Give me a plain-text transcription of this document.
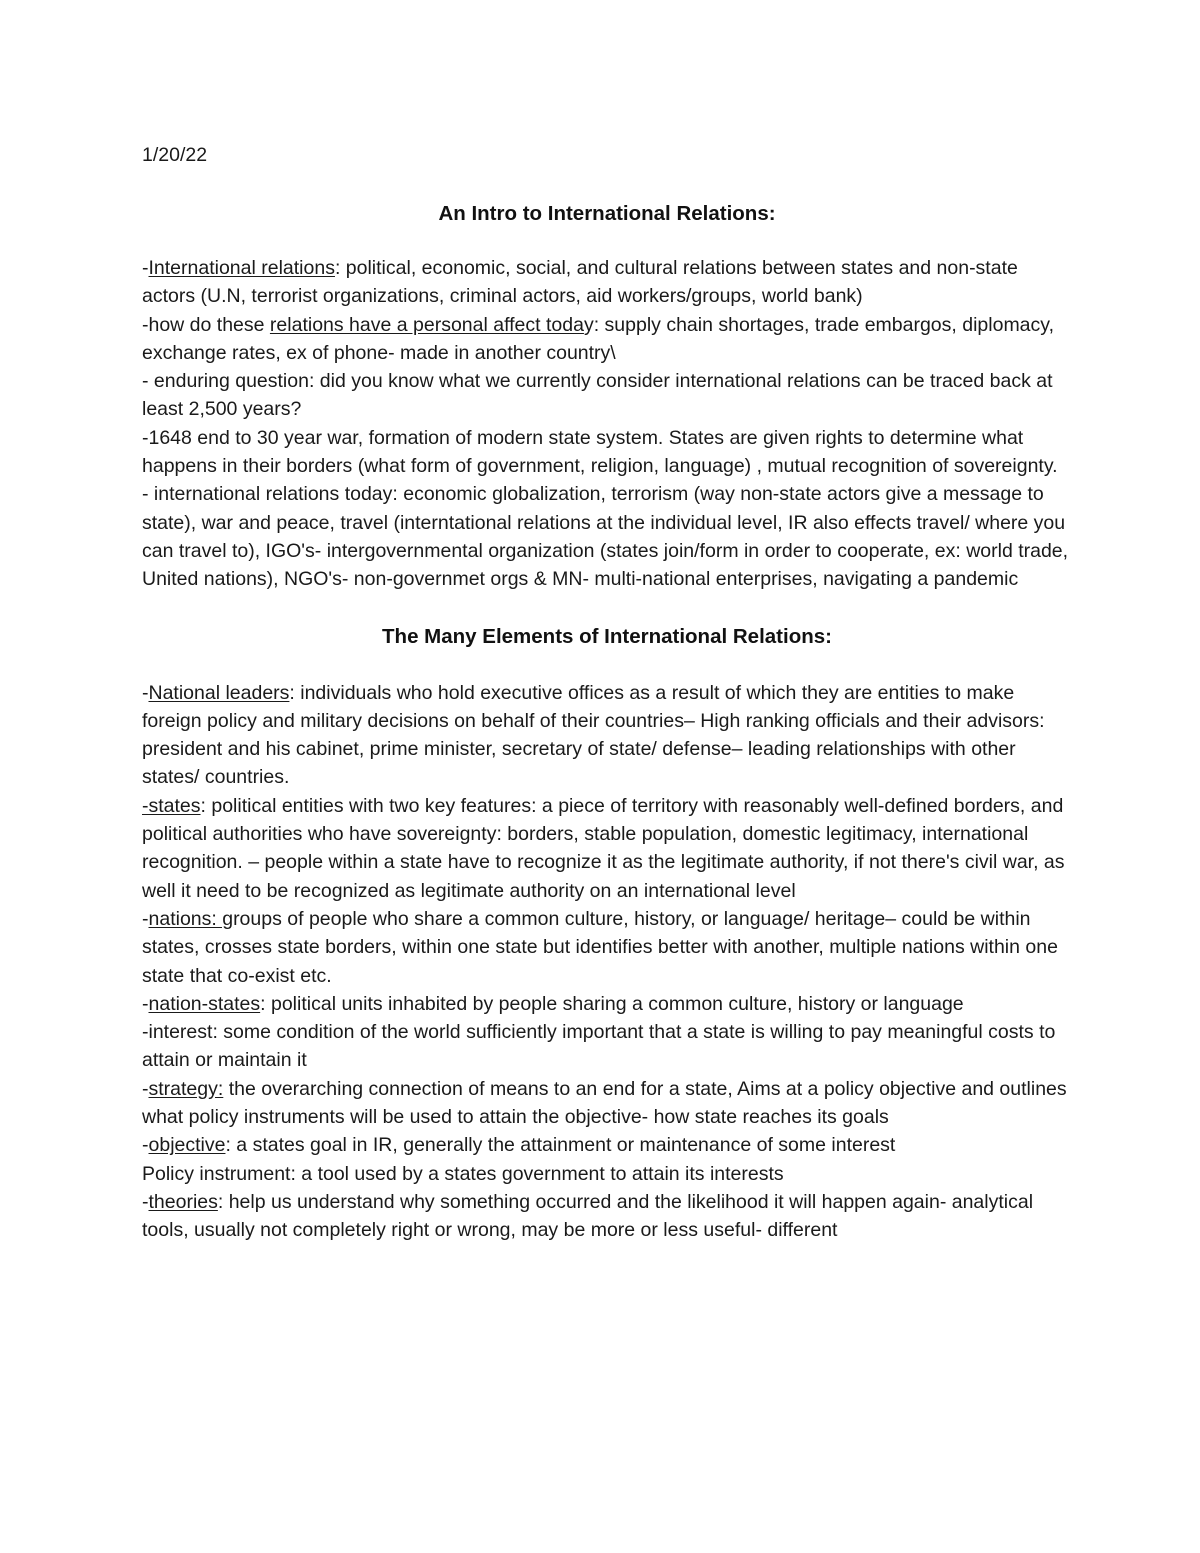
1/20/22

An Intro to International Relations:

-International relations: political, economic, social, and cultural relations between states and non-state actors (U.N, terrorist organizations, criminal actors, aid workers/groups, world bank)

-how do these relations have a personal affect today: supply chain shortages, trade embargos, diplomacy, exchange rates, ex of phone- made in another country\

- enduring question: did you know what we currently consider international relations can be traced back at least 2,500 years?

-1648 end to 30 year war, formation of modern state system. States are given rights to determine what happens in their borders (what form of government, religion, language) , mutual recognition of sovereignty.

- international relations today: economic globalization, terrorism (way non-state actors give a message to state), war and peace, travel (interntational relations at the individual level, IR also effects travel/ where you can travel to), IGO's- intergovernmental organization (states join/form in order to cooperate, ex: world trade, United nations), NGO's- non-governmet orgs & MN- multi-national enterprises, navigating a pandemic

The Many Elements of International Relations:

-National leaders: individuals who hold executive offices as a result of which they are entities to make foreign policy and military decisions on behalf of their countries– High ranking officials and their advisors: president and his cabinet, prime minister, secretary of state/ defense– leading relationships with other states/ countries.

-states: political entities with two key features: a piece of territory with reasonably well-defined borders, and political authorities who have sovereignty: borders, stable population, domestic legitimacy, international recognition. – people within a state have to recognize it as the legitimate authority, if not there's civil war, as well it need to be recognized as legitimate authority on an international level

-nations: groups of people who share a common culture, history, or language/ heritage– could be within states, crosses state borders, within one state but identifies better with another, multiple nations within one state that co-exist etc.

-nation-states: political units inhabited by people sharing a common culture, history or language

-interest: some condition of the world sufficiently important that a state is willing to pay meaningful costs to attain or maintain it

-strategy: the overarching connection of means to an end for a state, Aims at a policy objective and outlines what policy instruments will be used to attain the objective- how state reaches its goals

-objective: a states goal in IR, generally the attainment or maintenance of some interest

Policy instrument: a tool used by a states government to attain its interests

-theories: help us understand why something occurred and the likelihood it will happen again- analytical tools, usually not completely right or wrong, may be more or less useful- different
